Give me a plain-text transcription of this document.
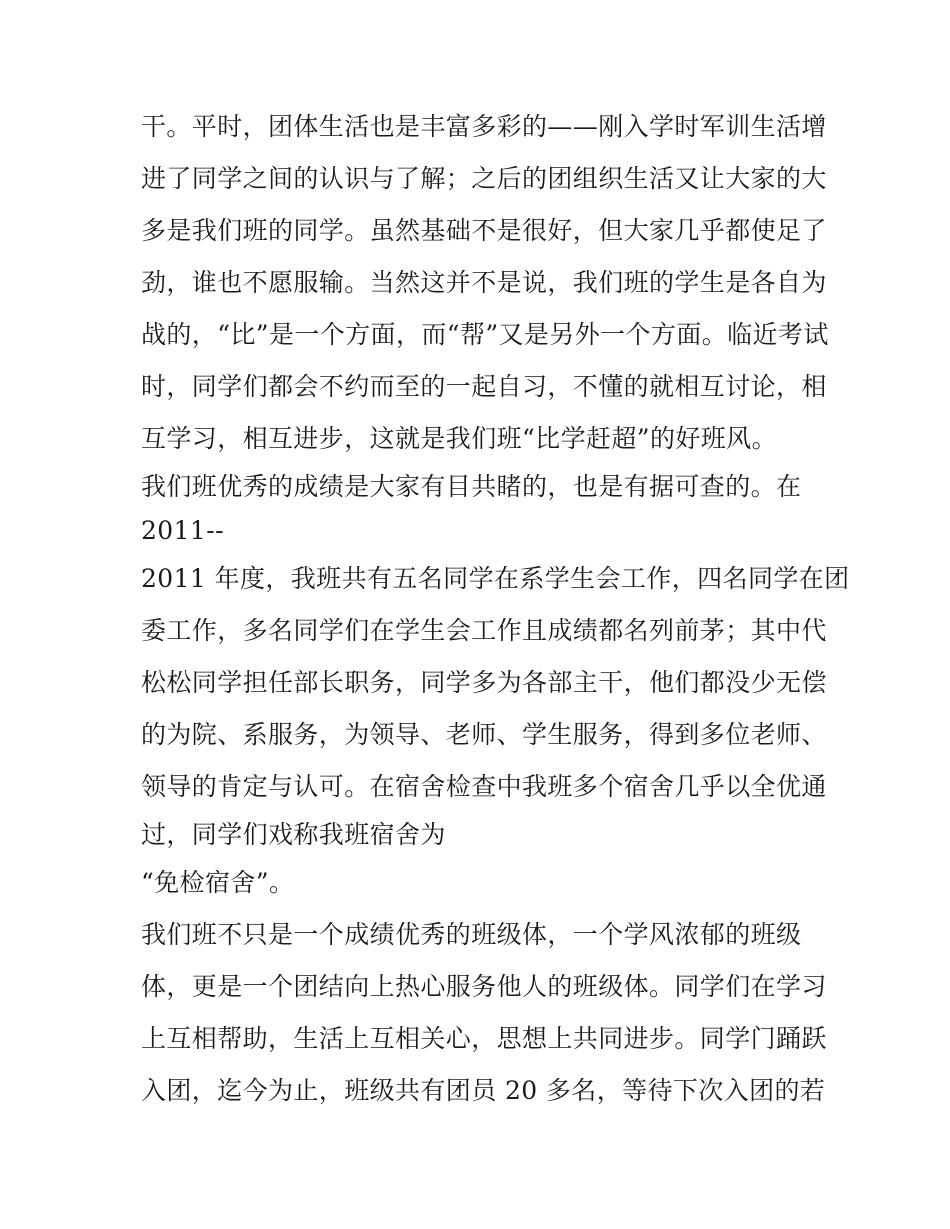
干。平时，团体生活也是丰富多彩的——刚入学时军训生活增
进了同学之间的认识与了解；之后的团组织生活又让大家的大
多是我们班的同学。虽然基础不是很好，但大家几乎都使足了
劲，谁也不愿服输。当然这并不是说，我们班的学生是各自为
战的，“比”是一个方面，而“帮”又是另外一个方面。临近考试
时，同学们都会不约而至的一起自习，不懂的就相互讨论，相
互学习，相互进步，这就是我们班“比学赶超”的好班风。
我们班优秀的成绩是大家有目共睹的，也是有据可查的。在
2011--
2011 年度，我班共有五名同学在系学生会工作，四名同学在团
委工作，多名同学们在学生会工作且成绩都名列前茅；其中代
松松同学担任部长职务，同学多为各部主干，他们都没少无偿
的为院、系服务，为领导、老师、学生服务，得到多位老师、
领导的肯定与认可。在宿舍检查中我班多个宿舍几乎以全优通
过，同学们戏称我班宿舍为
“免检宿舍”。
我们班不只是一个成绩优秀的班级体，一个学风浓郁的班级
体，更是一个团结向上热心服务他人的班级体。同学们在学习
上互相帮助，生活上互相关心，思想上共同进步。同学门踊跃
入团，迄今为止，班级共有团员 20 多名，等待下次入团的若
